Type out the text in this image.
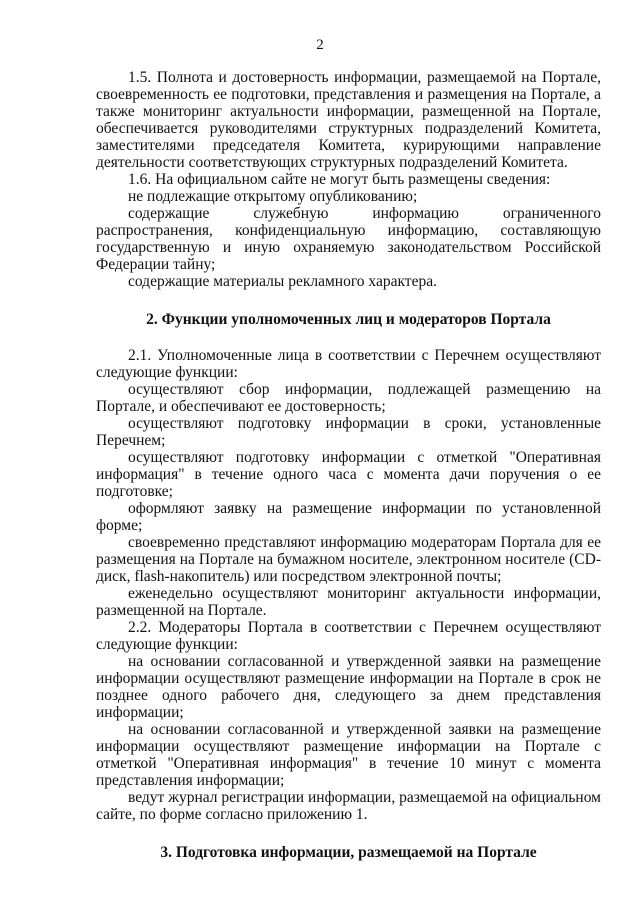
2

1.5. Полнота и достоверность информации, размещаемой на Портале, своевременность ее подготовки, представления и размещения на Портале, а также мониторинг актуальности информации, размещенной на Портале, обеспечивается руководителями структурных подразделений Комитета, заместителями председателя Комитета, курирующими направление деятельности соответствующих структурных подразделений Комитета.

1.6. На официальном сайте не могут быть размещены сведения:

не подлежащие открытому опубликованию;

содержащие служебную информацию ограниченного распространения, конфиденциальную информацию, составляющую государственную и иную охраняемую законодательством Российской Федерации тайну;

содержащие материалы рекламного характера.

2. Функции уполномоченных лиц и модераторов Портала

2.1. Уполномоченные лица в соответствии с Перечнем осуществляют следующие функции:

осуществляют сбор информации, подлежащей размещению на Портале, и обеспечивают ее достоверность;

осуществляют подготовку информации в сроки, установленные Перечнем;

осуществляют подготовку информации с отметкой "Оперативная информация" в течение одного часа с момента дачи поручения о ее подготовке;

оформляют заявку на размещение информации по установленной форме;

своевременно представляют информацию модераторам Портала для ее размещения на Портале на бумажном носителе, электронном носителе (CD-диск, flash-накопитель) или посредством электронной почты;

еженедельно осуществляют мониторинг актуальности информации, размещенной на Портале.

2.2. Модераторы Портала в соответствии с Перечнем осуществляют следующие функции:

на основании согласованной и утвержденной заявки на размещение информации осуществляют размещение информации на Портале в срок не позднее одного рабочего дня, следующего за днем представления информации;

на основании согласованной и утвержденной заявки на размещение информации осуществляют размещение информации на Портале с отметкой "Оперативная информация" в течение 10 минут с момента представления информации;

ведут журнал регистрации информации, размещаемой на официальном сайте, по форме согласно приложению 1.

3. Подготовка информации, размещаемой на Портале
